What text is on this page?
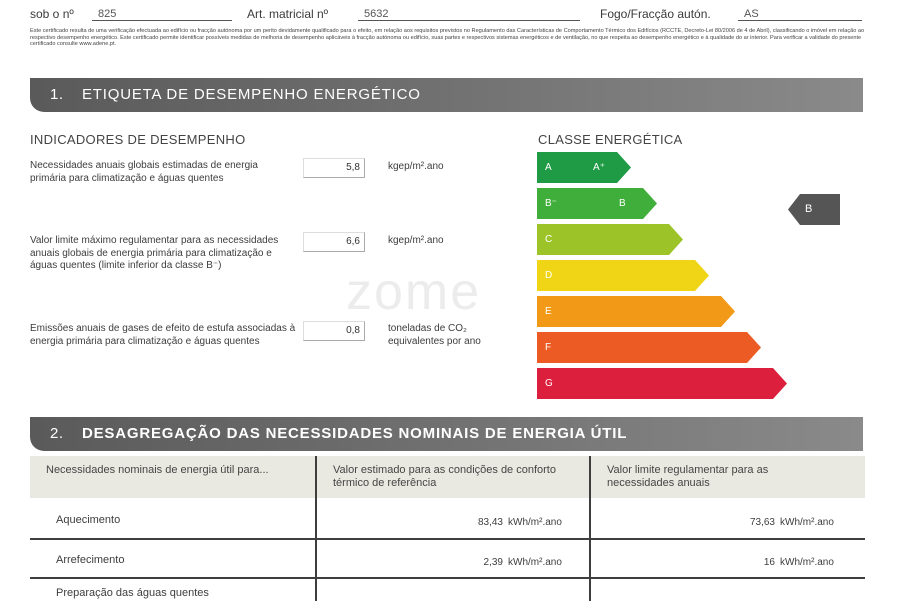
sob o nº 825	Art. matricial nº	5632	Fogo/Fracção autón.	AS
Este certificado resulta de uma verificação efectuada ao edifício ou fracção autónoma por um perito devidamente qualificado para o efeito, em relação aos requisitos previstos no Regulamento das Características de Comportamento Térmico dos Edifícios (RCCTE, Decreto-Lei 80/2006 de 4 de Abril), classificando o imóvel em relação ao respectivo desempenho energético. Este certificado permite identificar possíveis medidas de melhoria de desempenho aplicáveis à fracção autónoma ou edifício, suas partes e respectivos sistemas energéticos e de ventilação, no que respeita ao desempenho energético e à qualidade do ar interior. Para verificar a validade do presente certificado consulte www.adene.pt.
1. ETIQUETA DE DESEMPENHO ENERGÉTICO
INDICADORES DE DESEMPENHO	CLASSE ENERGÉTICA
Necessidades anuais globais estimadas de energia primária para climatização e águas quentes
5,8	kgep/m².ano
Valor limite máximo regulamentar para as necessidades anuais globais de energia primária para climatização e águas quentes (limite inferior da classe B⁻)
6,6	kgep/m².ano
Emissões anuais de gases de efeito de estufa associadas à energia primária para climatização e águas quentes
0,8	toneladas de CO₂ equivalentes por ano
A	A⁺
B⁻	B
C
D
E
F
G
B
zome
2. DESAGREGAÇÃO DAS NECESSIDADES NOMINAIS DE ENERGIA ÚTIL
Necessidades nominais de energia útil para...	Valor estimado para as condições de conforto térmico de referência
Valor limite regulamentar para as necessidades anuais
Aquecimento	83,43 kWh/m².ano	73,63 kWh/m².ano
Arrefecimento	2,39 kWh/m².ano	16 kWh/m².ano
Preparação das águas quentes
